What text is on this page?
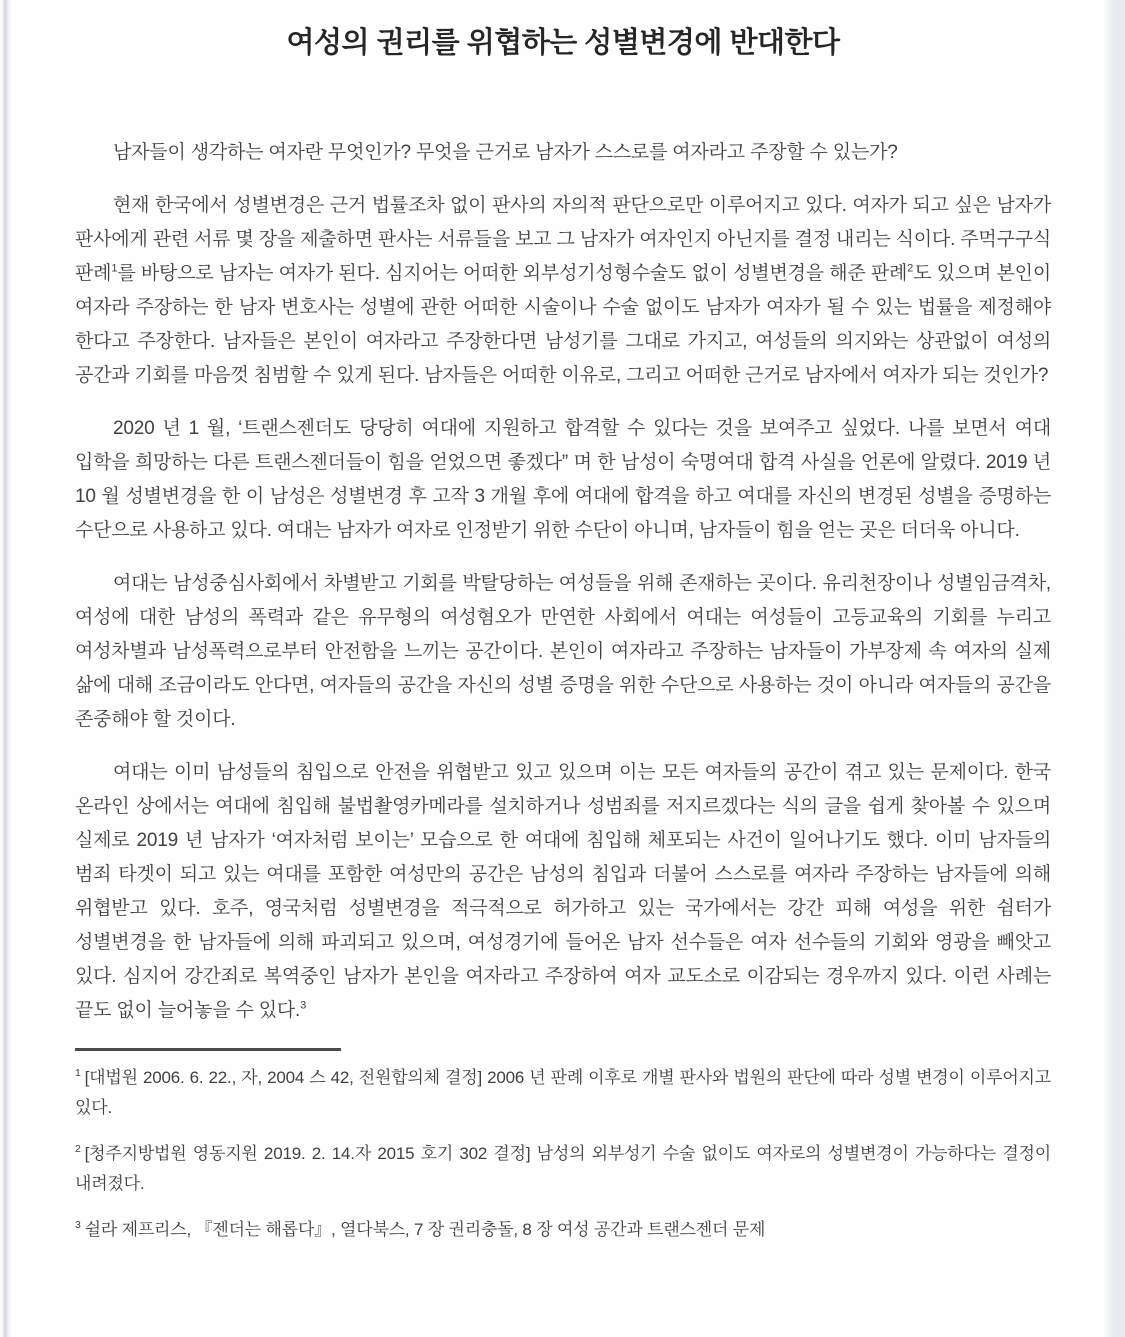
여성의 권리를 위협하는 성별변경에 반대한다

남자들이 생각하는 여자란 무엇인가? 무엇을 근거로 남자가 스스로를 여자라고 주장할 수 있는가?

현재 한국에서 성별변경은 근거 법률조차 없이 판사의 자의적 판단으로만 이루어지고 있다. 여자가 되고 싶은 남자가 판사에게 관련 서류 몇 장을 제출하면 판사는 서류들을 보고 그 남자가 여자인지 아닌지를 결정 내리는 식이다. 주먹구구식 판례$^1$를 바탕으로 남자는 여자가 된다. 심지어는 어떠한 외부성기성형수술도 없이 성별변경을 해준 판례$^2$도 있으며 본인이 여자라 주장하는 한 남자 변호사는 성별에 관한 어떠한 시술이나 수술 없이도 남자가 여자가 될 수 있는 법률을 제정해야 한다고 주장한다. 남자들은 본인이 여자라고 주장한다면 남성기를 그대로 가지고, 여성들의 의지와는 상관없이 여성의 공간과 기회를 마음껏 침범할 수 있게 된다. 남자들은 어떠한 이유로, 그리고 어떠한 근거로 남자에서 여자가 되는 것인가?

2020 년 1 월, ‘트랜스젠더도 당당히 여대에 지원하고 합격할 수 있다는 것을 보여주고 싶었다. 나를 보면서 여대 입학을 희망하는 다른 트랜스젠더들이 힘을 얻었으면 좋겠다” 며 한 남성이 숙명여대 합격 사실을 언론에 알렸다. 2019 년 10 월 성별변경을 한 이 남성은 성별변경 후 고작 3 개월 후에 여대에 합격을 하고 여대를 자신의 변경된 성별을 증명하는 수단으로 사용하고 있다. 여대는 남자가 여자로 인정받기 위한 수단이 아니며, 남자들이 힘을 얻는 곳은 더더욱 아니다.

여대는 남성중심사회에서 차별받고 기회를 박탈당하는 여성들을 위해 존재하는 곳이다. 유리천장이나 성별임금격차, 여성에 대한 남성의 폭력과 같은 유무형의 여성혐오가 만연한 사회에서 여대는 여성들이 고등교육의 기회를 누리고 여성차별과 남성폭력으로부터 안전함을 느끼는 공간이다. 본인이 여자라고 주장하는 남자들이 가부장제 속 여자의 실제 삶에 대해 조금이라도 안다면, 여자들의 공간을 자신의 성별 증명을 위한 수단으로 사용하는 것이 아니라 여자들의 공간을 존중해야 할 것이다.

여대는 이미 남성들의 침입으로 안전을 위협받고 있고 있으며 이는 모든 여자들의 공간이 겪고 있는 문제이다. 한국 온라인 상에서는 여대에 침입해 불법촬영카메라를 설치하거나 성범죄를 저지르겠다는 식의 글을 쉽게 찾아볼 수 있으며 실제로 2019 년 남자가 ‘여자처럼 보이는’ 모습으로 한 여대에 침입해 체포되는 사건이 일어나기도 했다. 이미 남자들의 범죄 타겟이 되고 있는 여대를 포함한 여성만의 공간은 남성의 침입과 더불어 스스로를 여자라 주장하는 남자들에 의해 위협받고 있다. 호주, 영국처럼 성별변경을 적극적으로 허가하고 있는 국가에서는 강간 피해 여성을 위한 쉼터가 성별변경을 한 남자들에 의해 파괴되고 있으며, 여성경기에 들어온 남자 선수들은 여자 선수들의 기회와 영광을 빼앗고 있다. 심지어 강간죄로 복역중인 남자가 본인을 여자라고 주장하여 여자 교도소로 이감되는 경우까지 있다. 이런 사례는 끝도 없이 늘어놓을 수 있다.$^3$

$^1$ [대법원 2006. 6. 22., 자, 2004 스 42, 전원합의체 결정] 2006 년 판례 이후로 개별 판사와 법원의 판단에 따라 성별 변경이 이루어지고 있다.

$^2$ [청주지방법원 영동지원 2019. 2. 14.자 2015 호기 302 결정] 남성의 외부성기 수술 없이도 여자로의 성별변경이 가능하다는 결정이 내려졌다.

$^3$ 쉴라 제프리스, 『젠더는 해롭다』, 열다북스, 7 장 권리충돌, 8 장 여성 공간과 트랜스젠더 문제
